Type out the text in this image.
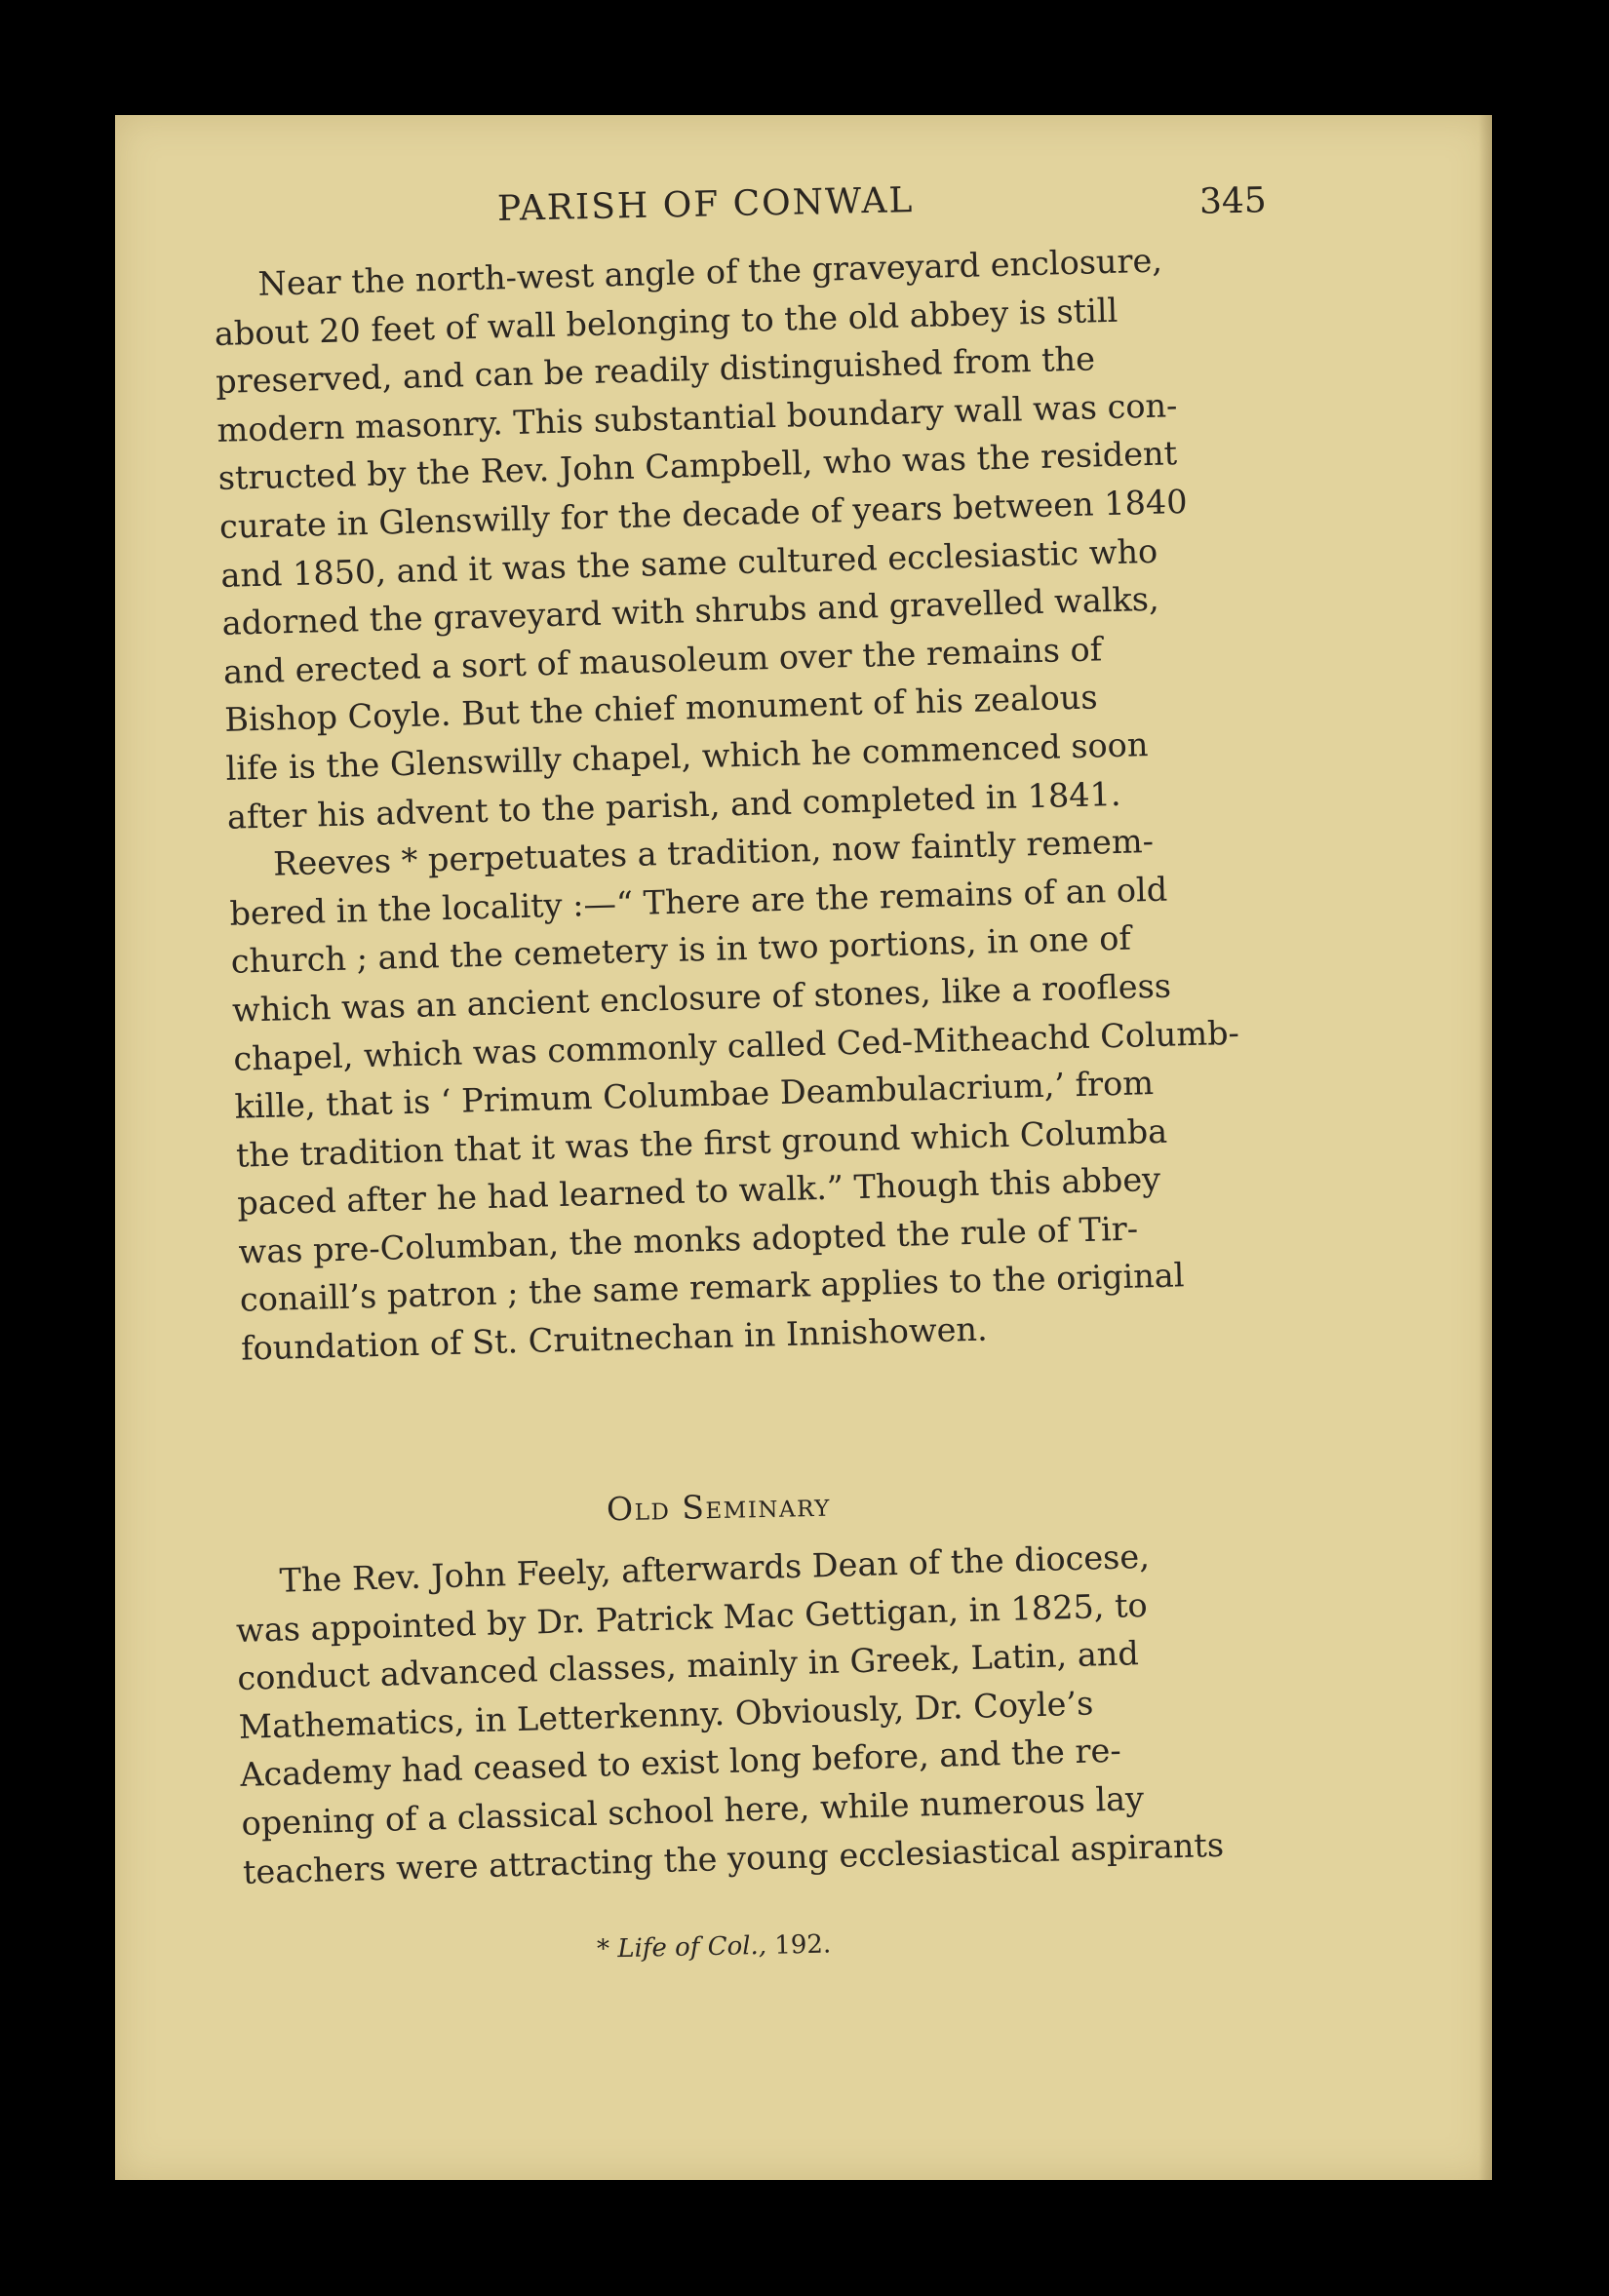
PARISH OF CONWAL	345
Near the north-west angle of the graveyard enclosure,
about 20 feet of wall belonging to the old abbey is still
preserved, and can be readily distinguished from the
modern masonry. This substantial boundary wall was con-
structed by the Rev. John Campbell, who was the resident
curate in Glenswilly for the decade of years between 1840
and 1850, and it was the same cultured ecclesiastic who
adorned the graveyard with shrubs and gravelled walks,
and erected a sort of mausoleum over the remains of
Bishop Coyle. But the chief monument of his zealous
life is the Glenswilly chapel, which he commenced soon
after his advent to the parish, and completed in 1841.
Reeves * perpetuates a tradition, now faintly remem-
bered in the locality :—“ There are the remains of an old
church ; and the cemetery is in two portions, in one of
which was an ancient enclosure of stones, like a roofless
chapel, which was commonly called Ced-Mitheachd Columb-
kille, that is ‘ Primum Columbae Deambulacrium,’ from
the tradition that it was the first ground which Columba
paced after he had learned to walk.” Though this abbey
was pre-Columban, the monks adopted the rule of Tir-
conaill’s patron ; the same remark applies to the original
foundation of St. Cruitnechan in Innishowen.
Old Seminary
The Rev. John Feely, afterwards Dean of the diocese,
was appointed by Dr. Patrick Mac Gettigan, in 1825, to
conduct advanced classes, mainly in Greek, Latin, and
Mathematics, in Letterkenny. Obviously, Dr. Coyle’s
Academy had ceased to exist long before, and the re-
opening of a classical school here, while numerous lay
teachers were attracting the young ecclesiastical aspirants
* Life of Col., 192.
